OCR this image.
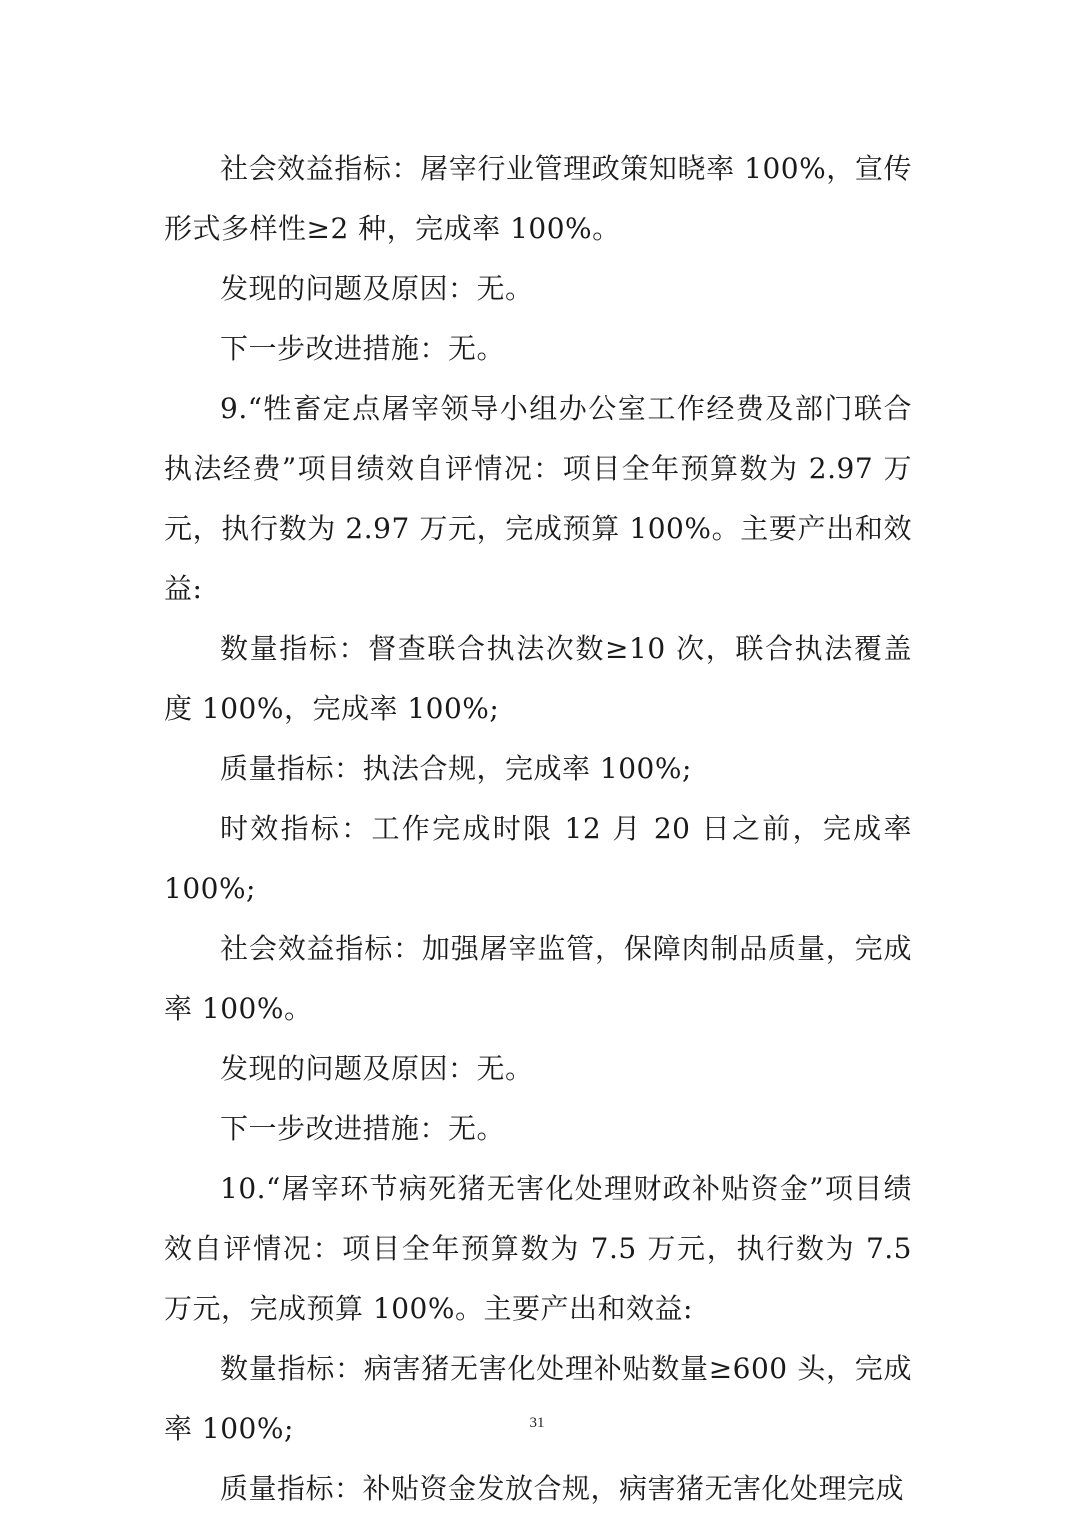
社会效益指标：屠宰行业管理政策知晓率 100%，宣传形式多样性≥2 种，完成率 100%。

发现的问题及原因：无。

下一步改进措施：无。

9.“牲畜定点屠宰领导小组办公室工作经费及部门联合执法经费”项目绩效自评情况：项目全年预算数为 2.97 万元，执行数为 2.97 万元，完成预算 100%。主要产出和效益:

数量指标：督查联合执法次数≥10 次，联合执法覆盖度 100%，完成率 100%;

质量指标：执法合规，完成率 100%;

时效指标：工作完成时限 12 月 20 日之前，完成率 100%;

社会效益指标：加强屠宰监管，保障肉制品质量，完成率 100%。

发现的问题及原因：无。

下一步改进措施：无。

10.“屠宰环节病死猪无害化处理财政补贴资金”项目绩效自评情况：项目全年预算数为 7.5 万元，执行数为 7.5 万元，完成预算 100%。主要产出和效益:

数量指标：病害猪无害化处理补贴数量≥600 头，完成率 100%;

质量指标：补贴资金发放合规，病害猪无害化处理完成

31
